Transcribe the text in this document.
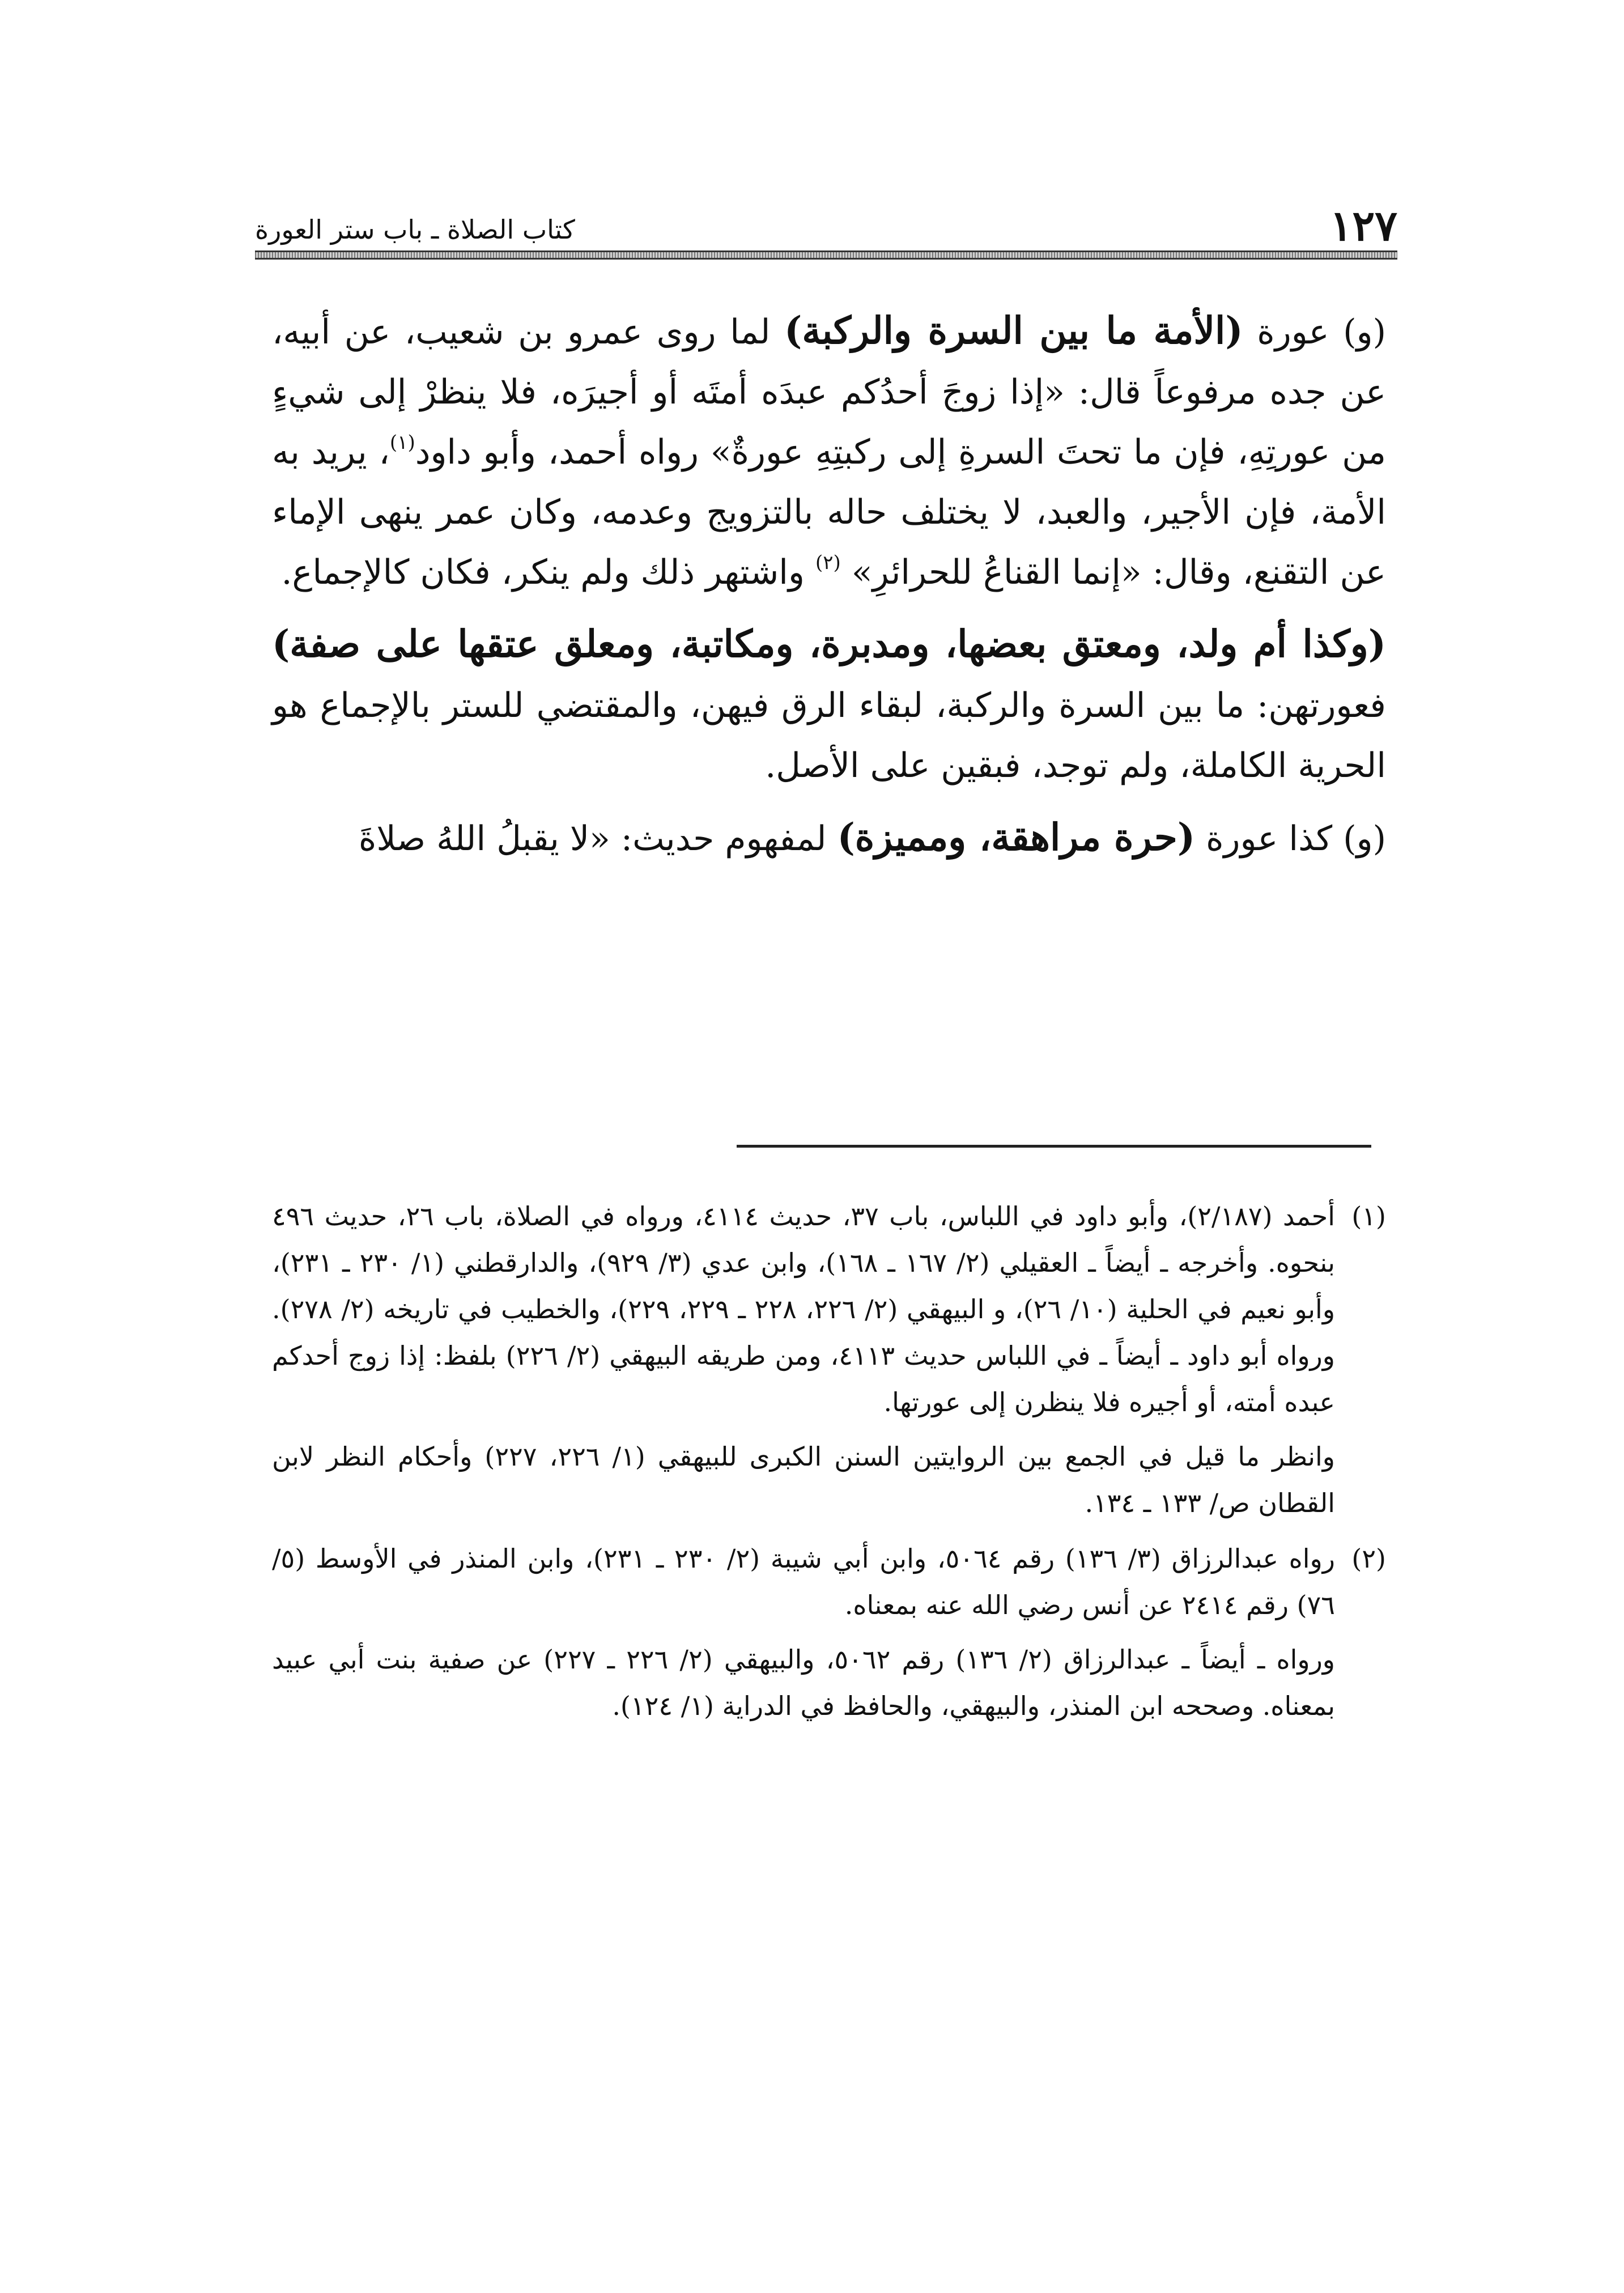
كتاب الصلاة ـ باب ستر العورة	١٢٧

(و) عورة (الأمة ما بين السرة والركبة) لما روى عمرو بن شعيب، عن أبيه، عن جده مرفوعاً قال: «إذا زوجَ أحدُكم عبدَه أمتَه أو أجيرَه، فلا ينظرْ إلى شيءٍ من عورتِهِ، فإن ما تحتَ السرةِ إلى ركبتِهِ عورةٌ» رواه أحمد، وأبو داود$^{(١)}$، يريد به الأمة، فإن الأجير، والعبد، لا يختلف حاله بالتزويج وعدمه، وكان عمر ينهى الإماء عن التقنع، وقال: «إنما القناعُ للحرائرِ» $^{(٢)}$ واشتهر ذلك ولم ينكر، فكان كالإجماع.

(وكذا أم ولد، ومعتق بعضها، ومدبرة، ومكاتبة، ومعلق عتقها على صفة) فعورتهن: ما بين السرة والركبة، لبقاء الرق فيهن، والمقتضي للستر بالإجماع هو الحرية الكاملة، ولم توجد، فبقين على الأصل.

(و) كذا عورة (حرة مراهقة، ومميزة) لمفهوم حديث: «لا يقبلُ اللهُ صلاةَ

(١)

أحمد (٢/١٨٧)، وأبو داود في اللباس، باب ٣٧، حديث ٤١١٤، ورواه في الصلاة، باب ٢٦، حديث ٤٩٦ بنحوه. وأخرجه ـ أيضاً ـ العقيلي (٢/ ١٦٧ ـ ١٦٨)، وابن عدي (٣/ ٩٢٩)، والدارقطني (١/ ٢٣٠ ـ ٢٣١)، وأبو نعيم في الحلية (١٠/ ٢٦)، و البيهقي (٢/ ٢٢٦، ٢٢٨ ـ ٢٢٩، ٢٢٩)، والخطيب في تاريخه (٢/ ٢٧٨). ورواه أبو داود ـ أيضاً ـ في اللباس حديث ٤١١٣، ومن طريقه البيهقي (٢/ ٢٢٦) بلفظ: إذا زوج أحدكم عبده أمته، أو أجيره فلا ينظرن إلى عورتها.

وانظر ما قيل في الجمع بين الروايتين السنن الكبرى للبيهقي (١/ ٢٢٦، ٢٢٧) وأحكام النظر لابن القطان ص/ ١٣٣ ـ ١٣٤.

(٢)

رواه عبدالرزاق (٣/ ١٣٦) رقم ٥٠٦٤، وابن أبي شيبة (٢/ ٢٣٠ ـ ٢٣١)، وابن المنذر في الأوسط (٥/ ٧٦) رقم ٢٤١٤ عن أنس رضي الله عنه بمعناه.

ورواه ـ أيضاً ـ عبدالرزاق (٢/ ١٣٦) رقم ٥٠٦٢، والبيهقي (٢/ ٢٢٦ ـ ٢٢٧) عن صفية بنت أبي عبيد بمعناه. وصححه ابن المنذر، والبيهقي، والحافظ في الدراية (١/ ١٢٤).
